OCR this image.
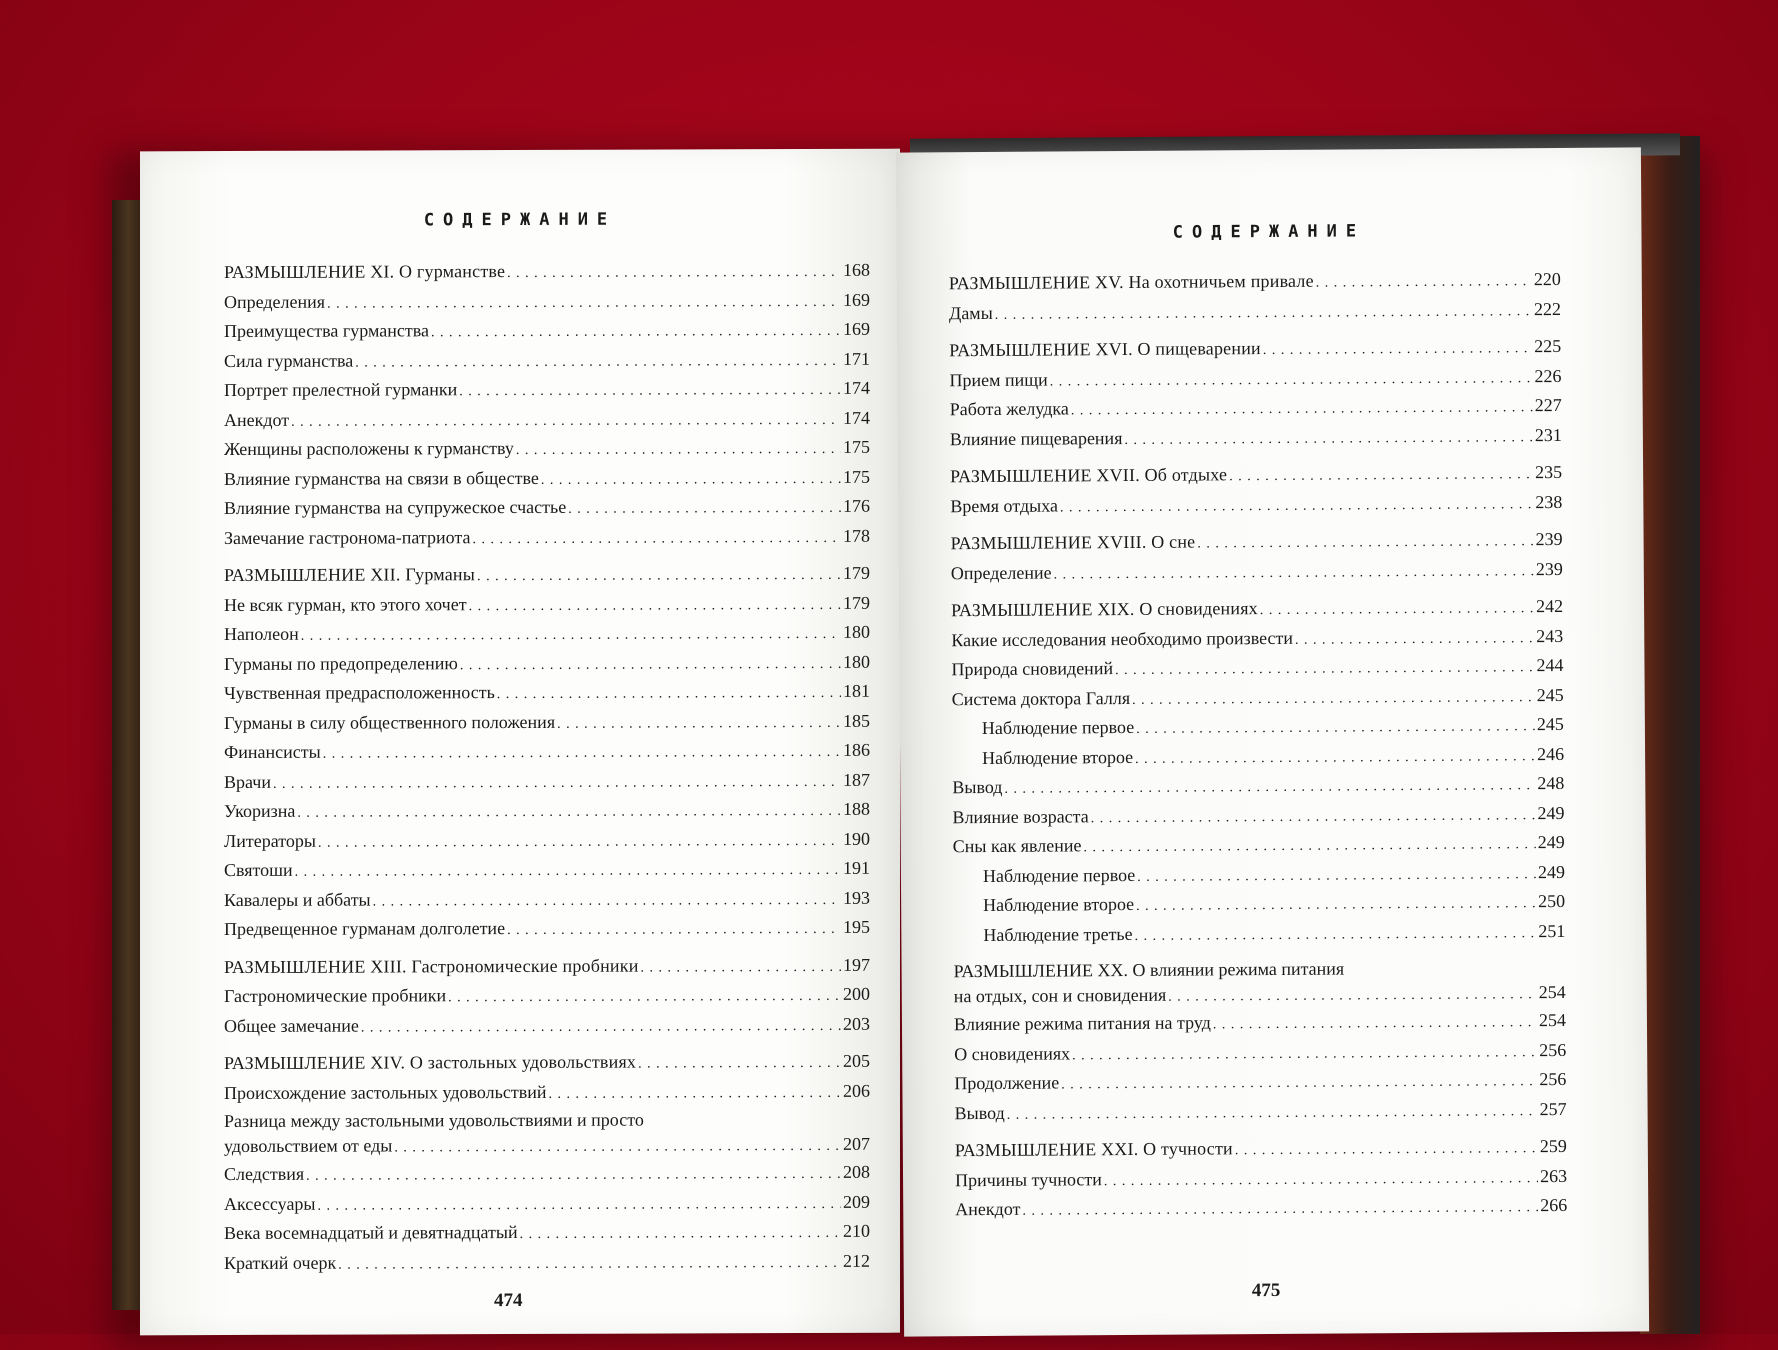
СОДЕРЖАНИЕ
РАЗМЫШЛЕНИЕ XI. О гурманстве . . .	168
Определения . . .	169
Преимущества гурманства . . .	169
Сила гурманства . . .	171
Портрет прелестной гурманки . . .	174
Анекдот . . .	174
Женщины расположены к гурманству . . .	175
Влияние гурманства на связи в обществе . . .	175
Влияние гурманства на супружеское счастье . . .	176
Замечание гастронома-патриота . . .	178
РАЗМЫШЛЕНИЕ XII. Гурманы . . .	179
Не всяк гурман, кто этого хочет . . .	179
Наполеон . . .	180
Гурманы по предопределению . . .	180
Чувственная предрасположенность . . .	181
Гурманы в силу общественного положения . . .	185
Финансисты . . .	186
Врачи . . .	187
Укоризна . . .	188
Литераторы . . .	190
Святоши . . .	191
Кавалеры и аббаты . . .	193
Предвещенное гурманам долголетие . . .	195
РАЗМЫШЛЕНИЕ XIII. Гастрономические пробники . . .	197
Гастрономические пробники . . .	200
Общее замечание . . .	203
РАЗМЫШЛЕНИЕ XIV. О застольных удовольствиях . . .	205
Происхождение застольных удовольствий . . .	206
Разница между застольными удовольствиями и просто
удовольствием от еды . . .	207
Следствия . . .	208
Аксессуары . . .	209
Века восемнадцатый и девятнадцатый . . .	210
Краткий очерк . . .	212
474
СОДЕРЖАНИЕ
РАЗМЫШЛЕНИЕ XV. На охотничьем привале . . .	220
Дамы . . .	222
РАЗМЫШЛЕНИЕ XVI. О пищеварении . . .	225
Прием пищи . . .	226
Работа желудка . . .	227
Влияние пищеварения . . .	231
РАЗМЫШЛЕНИЕ XVII. Об отдыхе . . .	235
Время отдыха . . .	238
РАЗМЫШЛЕНИЕ XVIII. О сне . . .	239
Определение . . .	239
РАЗМЫШЛЕНИЕ XIX. О сновидениях . . .	242
Какие исследования необходимо произвести . . .	243
Природа сновидений . . .	244
Система доктора Галля . . .	245
Наблюдение первое . . .	245
Наблюдение второе . . .	246
Вывод . . .	248
Влияние возраста . . .	249
Сны как явление . . .	249
Наблюдение первое . . .	249
Наблюдение второе . . .	250
Наблюдение третье . . .	251
РАЗМЫШЛЕНИЕ XX. О влиянии режима питания
на отдых, сон и сновидения . . .	254
Влияние режима питания на труд . . .	254
О сновидениях . . .	256
Продолжение . . .	256
Вывод . . .	257
РАЗМЫШЛЕНИЕ XXI. О тучности . . .	259
Причины тучности . . .	263
Анекдот . . .	266
475
